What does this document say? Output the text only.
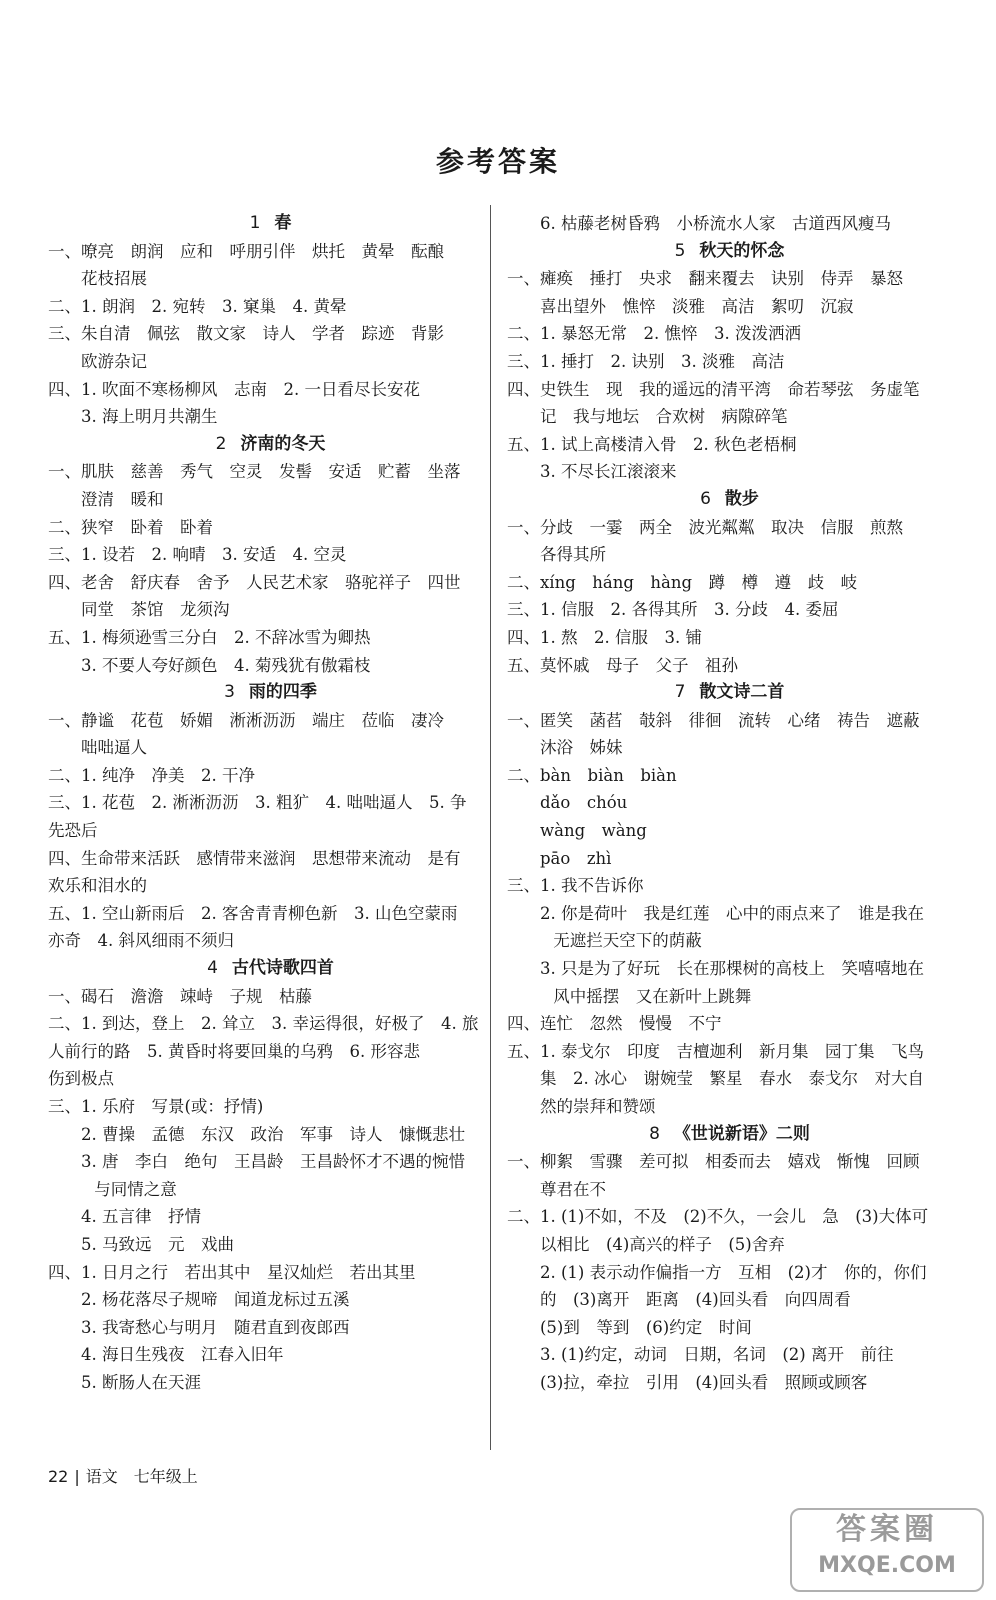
参考答案
1 春
一、嘹亮　朗润　应和　呼朋引伴　烘托　黄晕　酝酿
花枝招展
二、1. 朗润　2. 宛转　3. 窠巢　4. 黄晕
三、朱自清　佩弦　散文家　诗人　学者　踪迹　背影
欧游杂记
四、1. 吹面不寒杨柳风　志南　2. 一日看尽长安花
3. 海上明月共潮生
2 济南的冬天
一、肌肤　慈善　秀气　空灵　发髻　安适　贮蓄　坐落
澄清　暖和
二、狭窄　卧着　卧着
三、1. 设若　2. 响晴　3. 安适　4. 空灵
四、老舍　舒庆春　舍予　人民艺术家　骆驼祥子　四世
同堂　茶馆　龙须沟
五、1. 梅须逊雪三分白　2. 不辞冰雪为卿热
3. 不要人夸好颜色　4. 菊残犹有傲霜枝
3 雨的四季
一、静谧　花苞　娇媚　淅淅沥沥　端庄　莅临　凄冷
咄咄逼人
二、1. 纯净　净美　2. 干净
三、1. 花苞　2. 淅淅沥沥　3. 粗犷　4. 咄咄逼人　5. 争
先恐后
四、生命带来活跃　感情带来滋润　思想带来流动　是有
欢乐和泪水的
五、1. 空山新雨后　2. 客舍青青柳色新　3. 山色空蒙雨
亦奇　4. 斜风细雨不须归
4 古代诗歌四首
一、碣石　澹澹　竦峙　子规　枯藤
二、1. 到达，登上　2. 耸立　3. 幸运得很，好极了　4. 旅
人前行的路　5. 黄昏时将要回巢的乌鸦　6. 形容悲
伤到极点
三、1. 乐府　写景(或：抒情)
2. 曹操　孟德　东汉　政治　军事　诗人　慷慨悲壮
3. 唐　李白　绝句　王昌龄　王昌龄怀才不遇的惋惜
与同情之意
4. 五言律　抒情
5. 马致远　元　戏曲
四、1. 日月之行　若出其中　星汉灿烂　若出其里
2. 杨花落尽子规啼　闻道龙标过五溪
3. 我寄愁心与明月　随君直到夜郎西
4. 海日生残夜　江春入旧年
5. 断肠人在天涯
6. 枯藤老树昏鸦　小桥流水人家　古道西风瘦马
5 秋天的怀念
一、瘫痪　捶打　央求　翻来覆去　诀别　侍弄　暴怒
喜出望外　憔悴　淡雅　高洁　絮叨　沉寂
二、1. 暴怒无常　2. 憔悴　3. 泼泼洒洒
三、1. 捶打　2. 诀别　3. 淡雅　高洁
四、史铁生　现　我的遥远的清平湾　命若琴弦　务虚笔
记　我与地坛　合欢树　病隙碎笔
五、1. 试上高楼清入骨　2. 秋色老梧桐
3. 不尽长江滚滚来
6 散步
一、分歧　一霎　两全　波光粼粼　取决　信服　煎熬
各得其所
二、xíng　háng　hàng　蹲　樽　遵　歧　岐
三、1. 信服　2. 各得其所　3. 分歧　4. 委屈
四、1. 熬　2. 信服　3. 铺
五、莫怀戚　母子　父子　祖孙
7 散文诗二首
一、匿笑　菡萏　攲斜　徘徊　流转　心绪　祷告　遮蔽
沐浴　姊妹
二、bàn　biàn　biàn
dǎo　chóu
wàng　wàng
pāo　zhì
三、1. 我不告诉你
2. 你是荷叶　我是红莲　心中的雨点来了　谁是我在
无遮拦天空下的荫蔽
3. 只是为了好玩　长在那棵树的高枝上　笑嘻嘻地在
风中摇摆　又在新叶上跳舞
四、连忙　忽然　慢慢　不宁
五、1. 泰戈尔　印度　吉檀迦利　新月集　园丁集　飞鸟
集　2. 冰心　谢婉莹　繁星　春水　泰戈尔　对大自
然的崇拜和赞颂
8 《世说新语》二则
一、柳絮　雪骤　差可拟　相委而去　嬉戏　惭愧　回顾
尊君在不
二、1. (1)不如，不及　(2)不久，一会儿　急　(3)大体可
以相比　(4)高兴的样子　(5)舍弃
2. (1) 表示动作偏指一方　互相　(2)才　你的，你们
的　(3)离开　距离　(4)回头看　向四周看
(5)到　等到　(6)约定　时间
3. (1)约定，动词　日期，名词　(2) 离开　前往
(3)拉，牵拉　引用　(4)回头看　照顾或顾客
22 | 语文  七年级上
答案圈
MXQE.COM
